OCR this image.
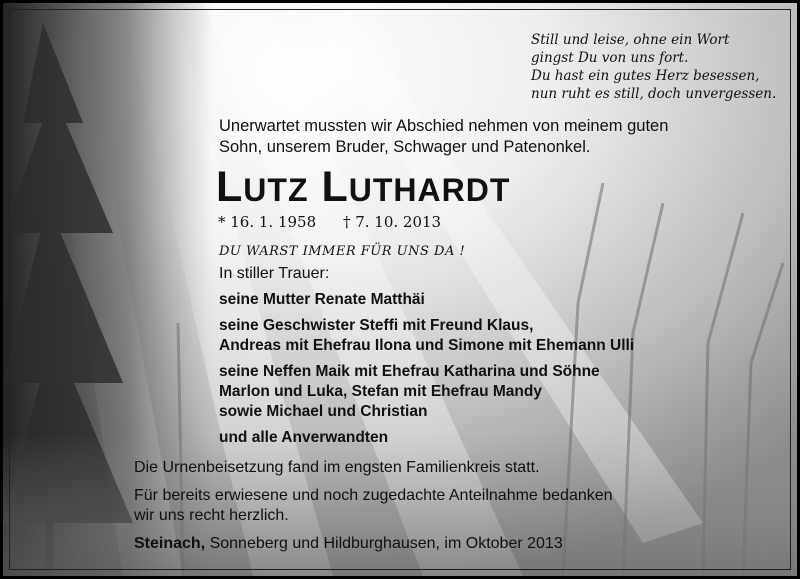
Still und leise, ohne ein Wort
gingst Du von uns fort.
Du hast ein gutes Herz besessen,
nun ruht es still, doch unvergessen.
Unerwartet mussten wir Abschied nehmen von meinem guten
Sohn, unserem Bruder, Schwager und Patenonkel.
LUTZ LUTHARDT
* 16. 1. 1958 † 7. 10. 2013
DU WARST IMMER FÜR UNS DA !
In stiller Trauer:
seine Mutter Renate Matthäi
seine Geschwister Steffi mit Freund Klaus,
Andreas mit Ehefrau Ilona und Simone mit Ehemann Ulli
seine Neffen Maik mit Ehefrau Katharina und Söhne
Marlon und Luka, Stefan mit Ehefrau Mandy
sowie Michael und Christian
und alle Anverwandten
Die Urnenbeisetzung fand im engsten Familienkreis statt.
Für bereits erwiesene und noch zugedachte Anteilnahme bedanken
wir uns recht herzlich.
Steinach, Sonneberg und Hildburghausen, im Oktober 2013
